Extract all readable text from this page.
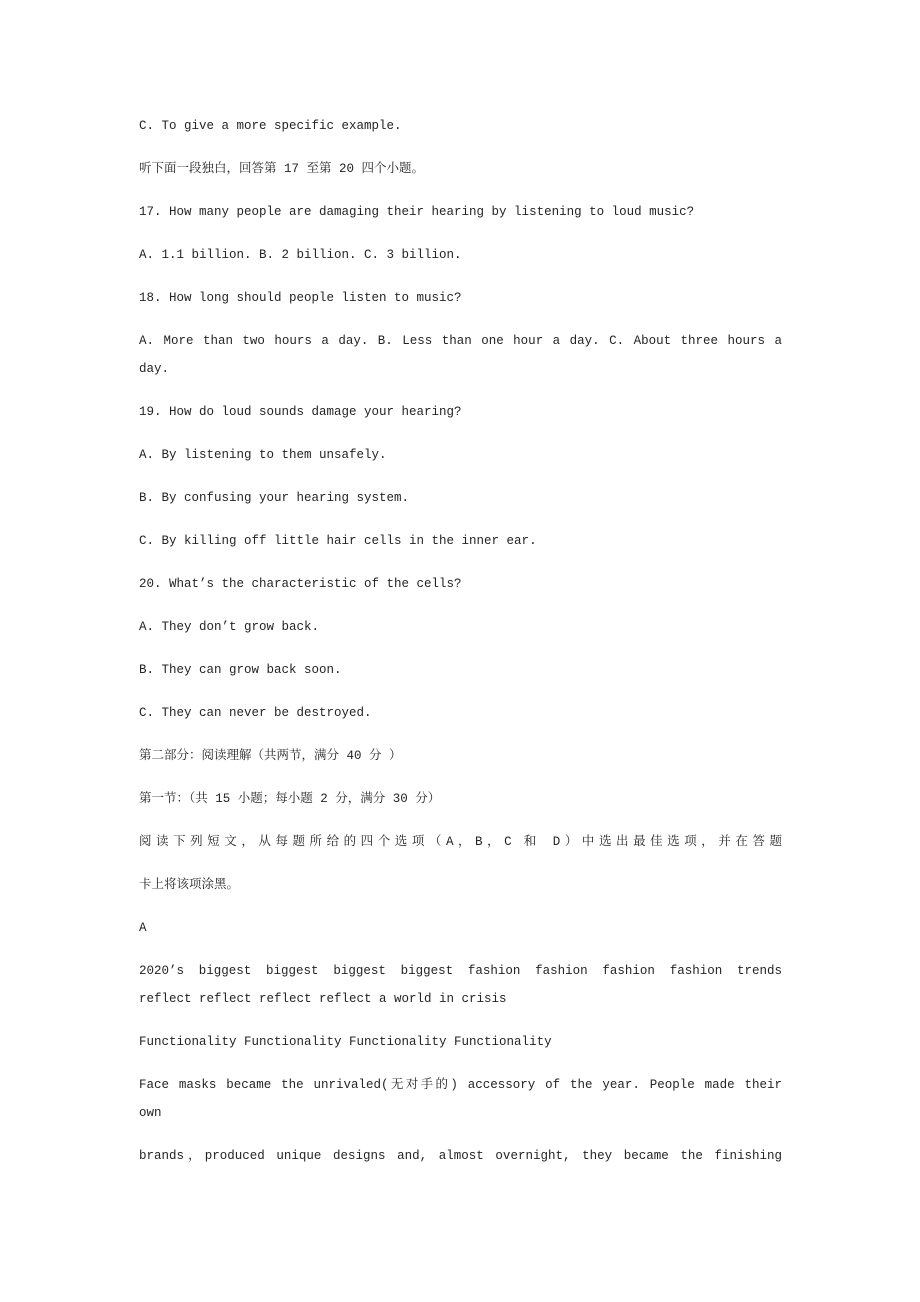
C. To give a more specific example.
听下面一段独白，回答第 17 至第 20 四个小题。
17. How many people are damaging their hearing by listening to loud music?
A. 1.1 billion. B. 2 billion. C. 3 billion.
18. How long should people listen to music?
A. More than two hours a day. B. Less than one hour a day. C. About three hours a
day.
19. How do loud sounds damage your hearing?
A. By listening to them unsafely.
B. By confusing your hearing system.
C. By killing off little hair cells in the inner ear.
20. What’s the characteristic of the cells?
A. They don’t grow back.
B. They can grow back soon.
C. They can never be destroyed.
第二部分：阅读理解（共两节，满分 40 分 ）
第一节：（共 15 小题；每小题 2 分，满分 30 分）
阅读下列短文，从每题所给的四个选项（A，B，C 和 D）中选出最佳选项，并在答题
卡上将该项涂黑。
A
2020’s biggest biggest biggest biggest fashion fashion fashion fashion trends
reflect reflect reflect reflect a world in crisis
Functionality Functionality Functionality Functionality
Face masks became the unrivaled(无对手的) accessory of the year. People made their
own
brands，produced unique designs and, almost overnight, they became the finishing
